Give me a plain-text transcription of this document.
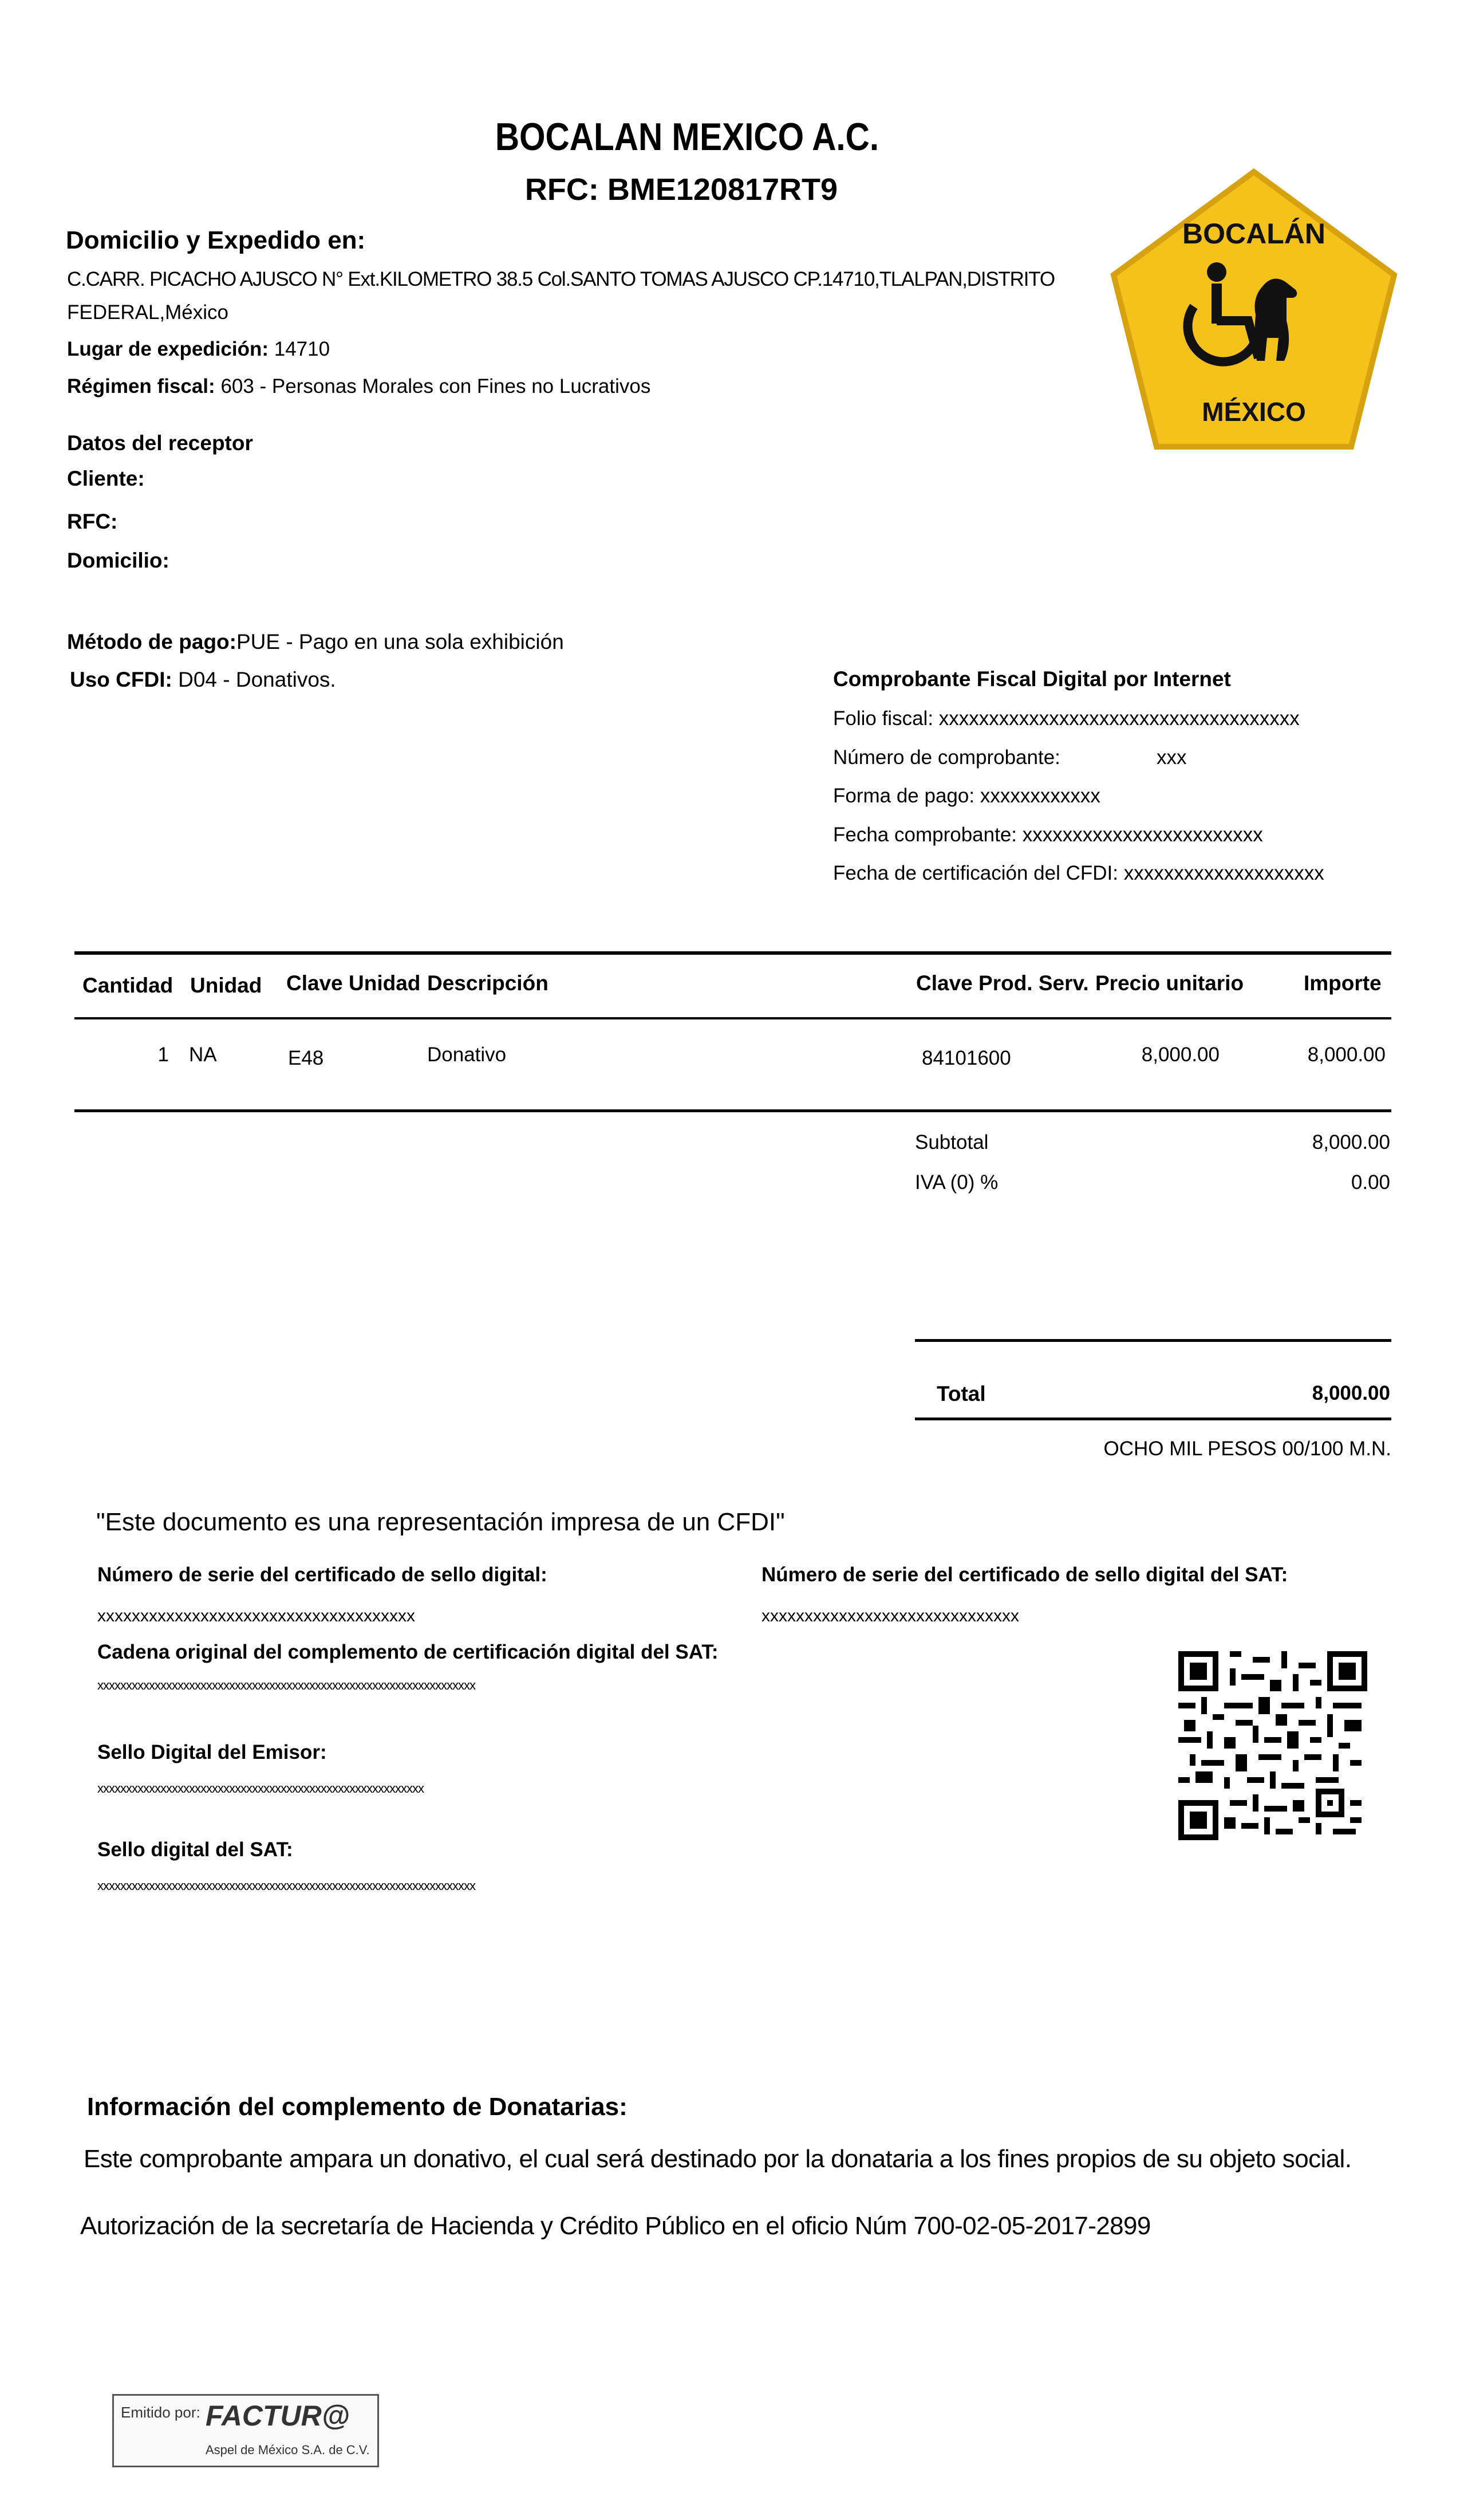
BOCALAN MEXICO A.C.
RFC: BME120817RT9
BOCALÁN
MÉXICO
Domicilio y Expedido en:
C.CARR. PICACHO AJUSCO N° Ext.KILOMETRO 38.5 Col.SANTO TOMAS AJUSCO CP.14710,TLALPAN,DISTRITO
FEDERAL,México
Lugar de expedición: 14710
Régimen fiscal: 603 - Personas Morales con Fines no Lucrativos
Datos del receptor
Cliente:
RFC:
Domicilio:
Método de pago:PUE - Pago en una sola exhibición
Uso CFDI: D04 - Donativos.	Comprobante Fiscal Digital por Internet
Folio fiscal: xxxxxxxxxxxxxxxxxxxxxxxxxxxxxxxxxxxx
Número de comprobante:	xxx
Forma de pago: xxxxxxxxxxxx
Fecha comprobante: xxxxxxxxxxxxxxxxxxxxxxxx
Fecha de certificación del CFDI: xxxxxxxxxxxxxxxxxxxx
Cantidad Unidad Clave Unidad Descripción	Clave Prod. Serv. Precio unitario	Importe
1 NA	E48	Donativo	84101600	8,000.00	8,000.00
Subtotal	8,000.00
IVA (0) %	0.00
Total	8,000.00
OCHO MIL PESOS 00/100 M.N.
"Este documento es una representación impresa de un CFDI"
Número de serie del certificado de sello digital:
xxxxxxxxxxxxxxxxxxxxxxxxxxxxxxxxxxxxx
Número de serie del certificado de sello digital del SAT:
xxxxxxxxxxxxxxxxxxxxxxxxxxxxxx
Cadena original del complemento de certificación digital del SAT:
xxxxxxxxxxxxxxxxxxxxxxxxxxxxxxxxxxxxxxxxxxxxxxxxxxxxxxxxxxxxxxxxxx
Sello Digital del Emisor:
xxxxxxxxxxxxxxxxxxxxxxxxxxxxxxxxxxxxxxxxxxxxxxxxxxxxxxxxx
Sello digital del SAT:
xxxxxxxxxxxxxxxxxxxxxxxxxxxxxxxxxxxxxxxxxxxxxxxxxxxxxxxxxxxxxxxxxx
Información del complemento de Donatarias:
Este comprobante ampara un donativo, el cual será destinado por la donataria a los fines propios de su objeto social.
Autorización de la secretaría de Hacienda y Crédito Público en el oficio Núm 700-02-05-2017-2899
Emitido por: FACTUR@
Aspel de México S.A. de C.V.
